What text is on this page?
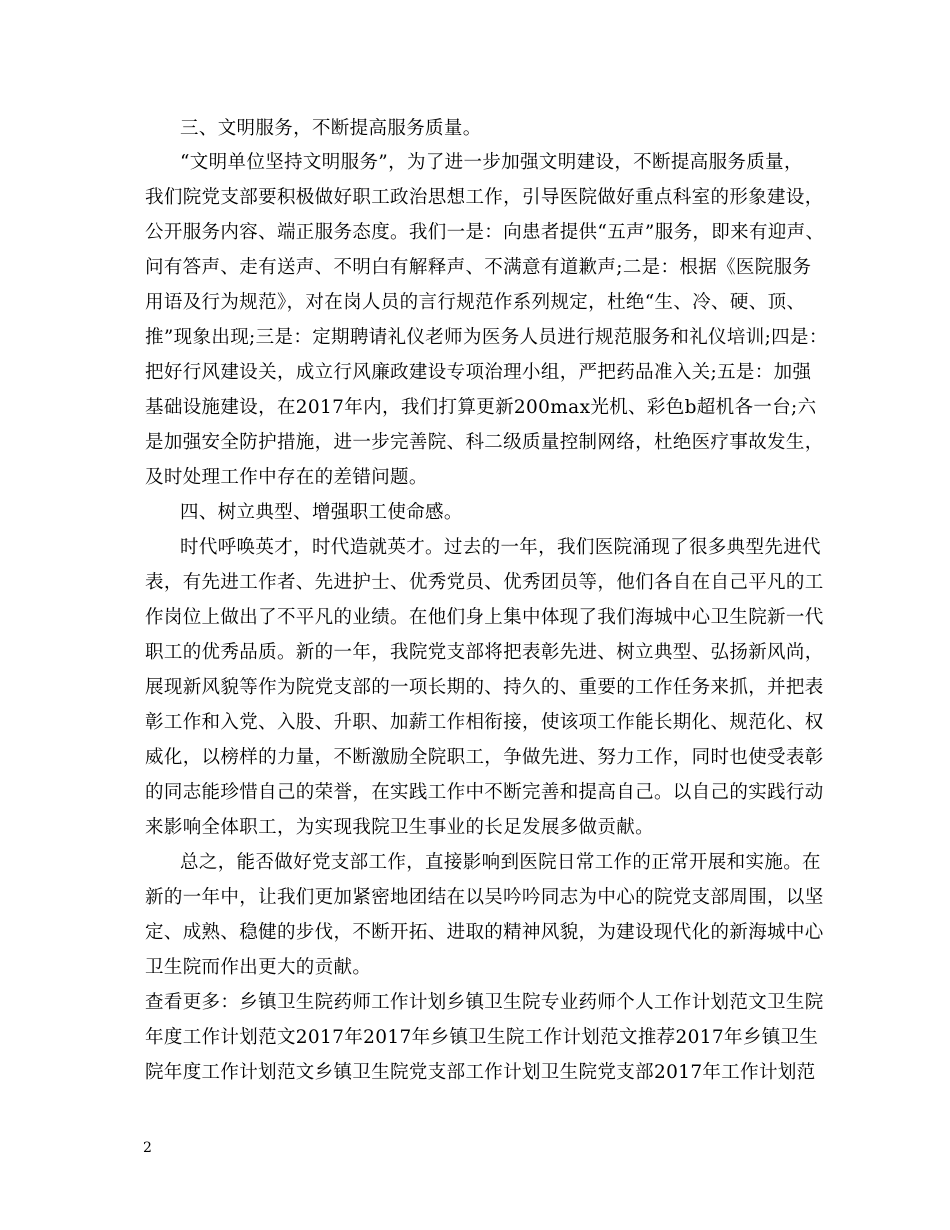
三、文明服务，不断提高服务质量。
“文明单位坚持文明服务”，为了进一步加强文明建设，不断提高服务质量，
我们院党支部要积极做好职工政治思想工作，引导医院做好重点科室的形象建设，
公开服务内容、端正服务态度。我们一是：向患者提供“五声”服务，即来有迎声、
问有答声、走有送声、不明白有解释声、不满意有道歉声;二是：根据《医院服务
用语及行为规范》，对在岗人员的言行规范作系列规定，杜绝“生、冷、硬、顶、
推”现象出现;三是：定期聘请礼仪老师为医务人员进行规范服务和礼仪培训;四是：
把好行风建设关，成立行风廉政建设专项治理小组，严把药品准入关;五是：加强
基础设施建设，在2017年内，我们打算更新200max光机、彩色b超机各一台;六
是加强安全防护措施，进一步完善院、科二级质量控制网络，杜绝医疗事故发生，
及时处理工作中存在的差错问题。
四、树立典型、增强职工使命感。
时代呼唤英才，时代造就英才。过去的一年，我们医院涌现了很多典型先进代
表，有先进工作者、先进护士、优秀党员、优秀团员等，他们各自在自己平凡的工
作岗位上做出了不平凡的业绩。在他们身上集中体现了我们海城中心卫生院新一代
职工的优秀品质。新的一年，我院党支部将把表彰先进、树立典型、弘扬新风尚，
展现新风貌等作为院党支部的一项长期的、持久的、重要的工作任务来抓，并把表
彰工作和入党、入股、升职、加薪工作相衔接，使该项工作能长期化、规范化、权
威化，以榜样的力量，不断激励全院职工，争做先进、努力工作，同时也使受表彰
的同志能珍惜自己的荣誉，在实践工作中不断完善和提高自己。以自己的实践行动
来影响全体职工，为实现我院卫生事业的长足发展多做贡献。
总之，能否做好党支部工作，直接影响到医院日常工作的正常开展和实施。在
新的一年中，让我们更加紧密地团结在以吴吟吟同志为中心的院党支部周围，以坚
定、成熟、稳健的步伐，不断开拓、进取的精神风貌，为建设现代化的新海城中心
卫生院而作出更大的贡献。
查看更多：乡镇卫生院药师工作计划乡镇卫生院专业药师个人工作计划范文卫生院
年度工作计划范文2017年2017年乡镇卫生院工作计划范文推荐2017年乡镇卫生
院年度工作计划范文乡镇卫生院党支部工作计划卫生院党支部2017年工作计划范
2
